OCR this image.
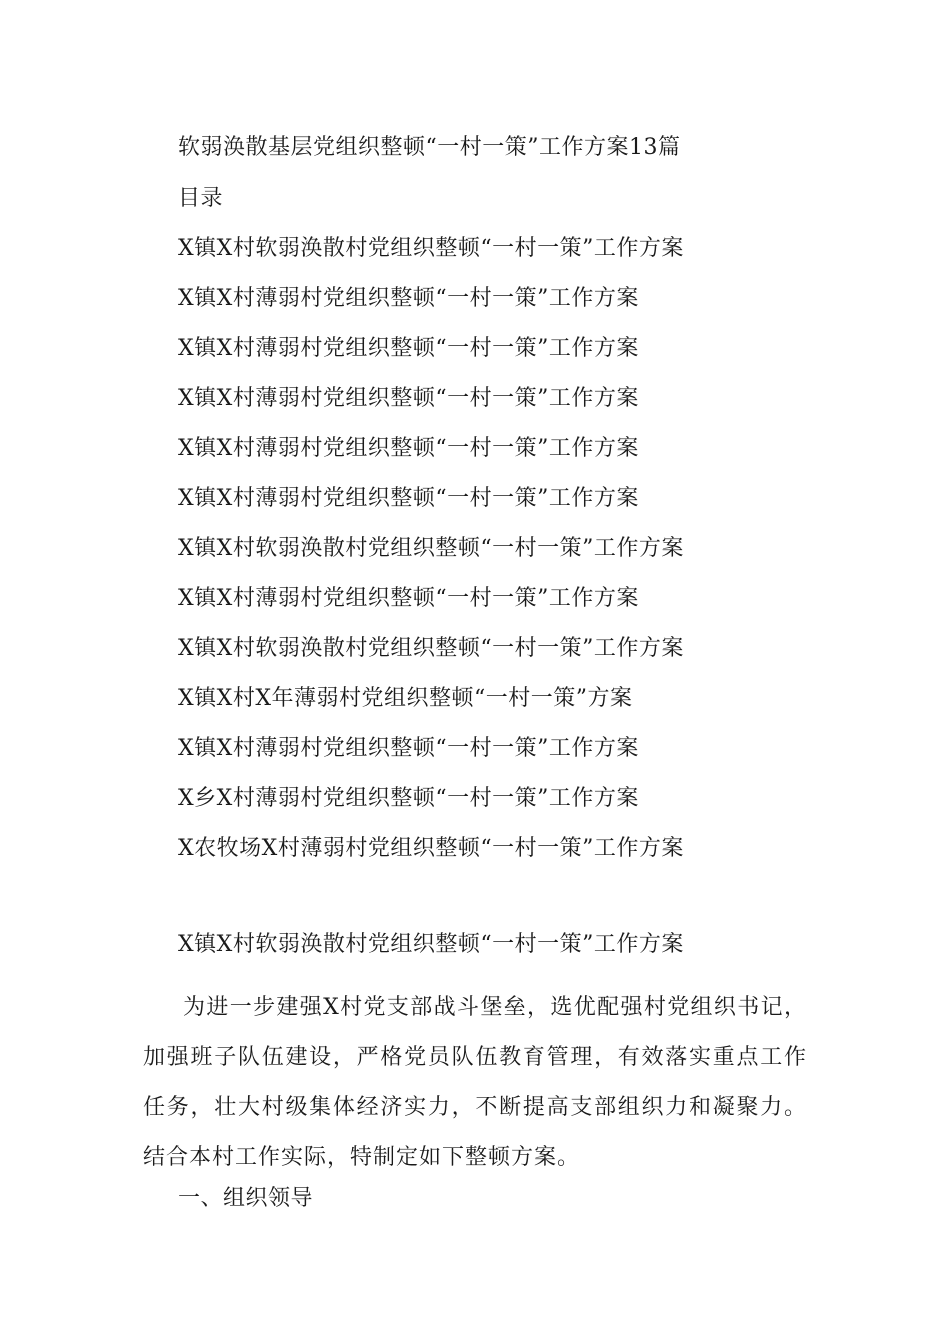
软弱涣散基层党组织整顿“一村一策”工作方案13篇
目录
X镇X村软弱涣散村党组织整顿“一村一策”工作方案
X镇X村薄弱村党组织整顿“一村一策”工作方案
X镇X村薄弱村党组织整顿“一村一策”工作方案
X镇X村薄弱村党组织整顿“一村一策”工作方案
X镇X村薄弱村党组织整顿“一村一策”工作方案
X镇X村薄弱村党组织整顿“一村一策”工作方案
X镇X村软弱涣散村党组织整顿“一村一策”工作方案
X镇X村薄弱村党组织整顿“一村一策”工作方案
X镇X村软弱涣散村党组织整顿“一村一策”工作方案
X镇X村X年薄弱村党组织整顿“一村一策”方案
X镇X村薄弱村党组织整顿“一村一策”工作方案
X乡X村薄弱村党组织整顿“一村一策”工作方案
X农牧场X村薄弱村党组织整顿“一村一策”工作方案
X镇X村软弱涣散村党组织整顿“一村一策”工作方案

为进一步建强X村党支部战斗堡垒，选优配强村党组织书记，加强班子队伍建设，严格党员队伍教育管理，有效落实重点工作任务，壮大村级集体经济实力，不断提高支部组织力和凝聚力。结合本村工作实际，特制定如下整顿方案。

一、组织领导
